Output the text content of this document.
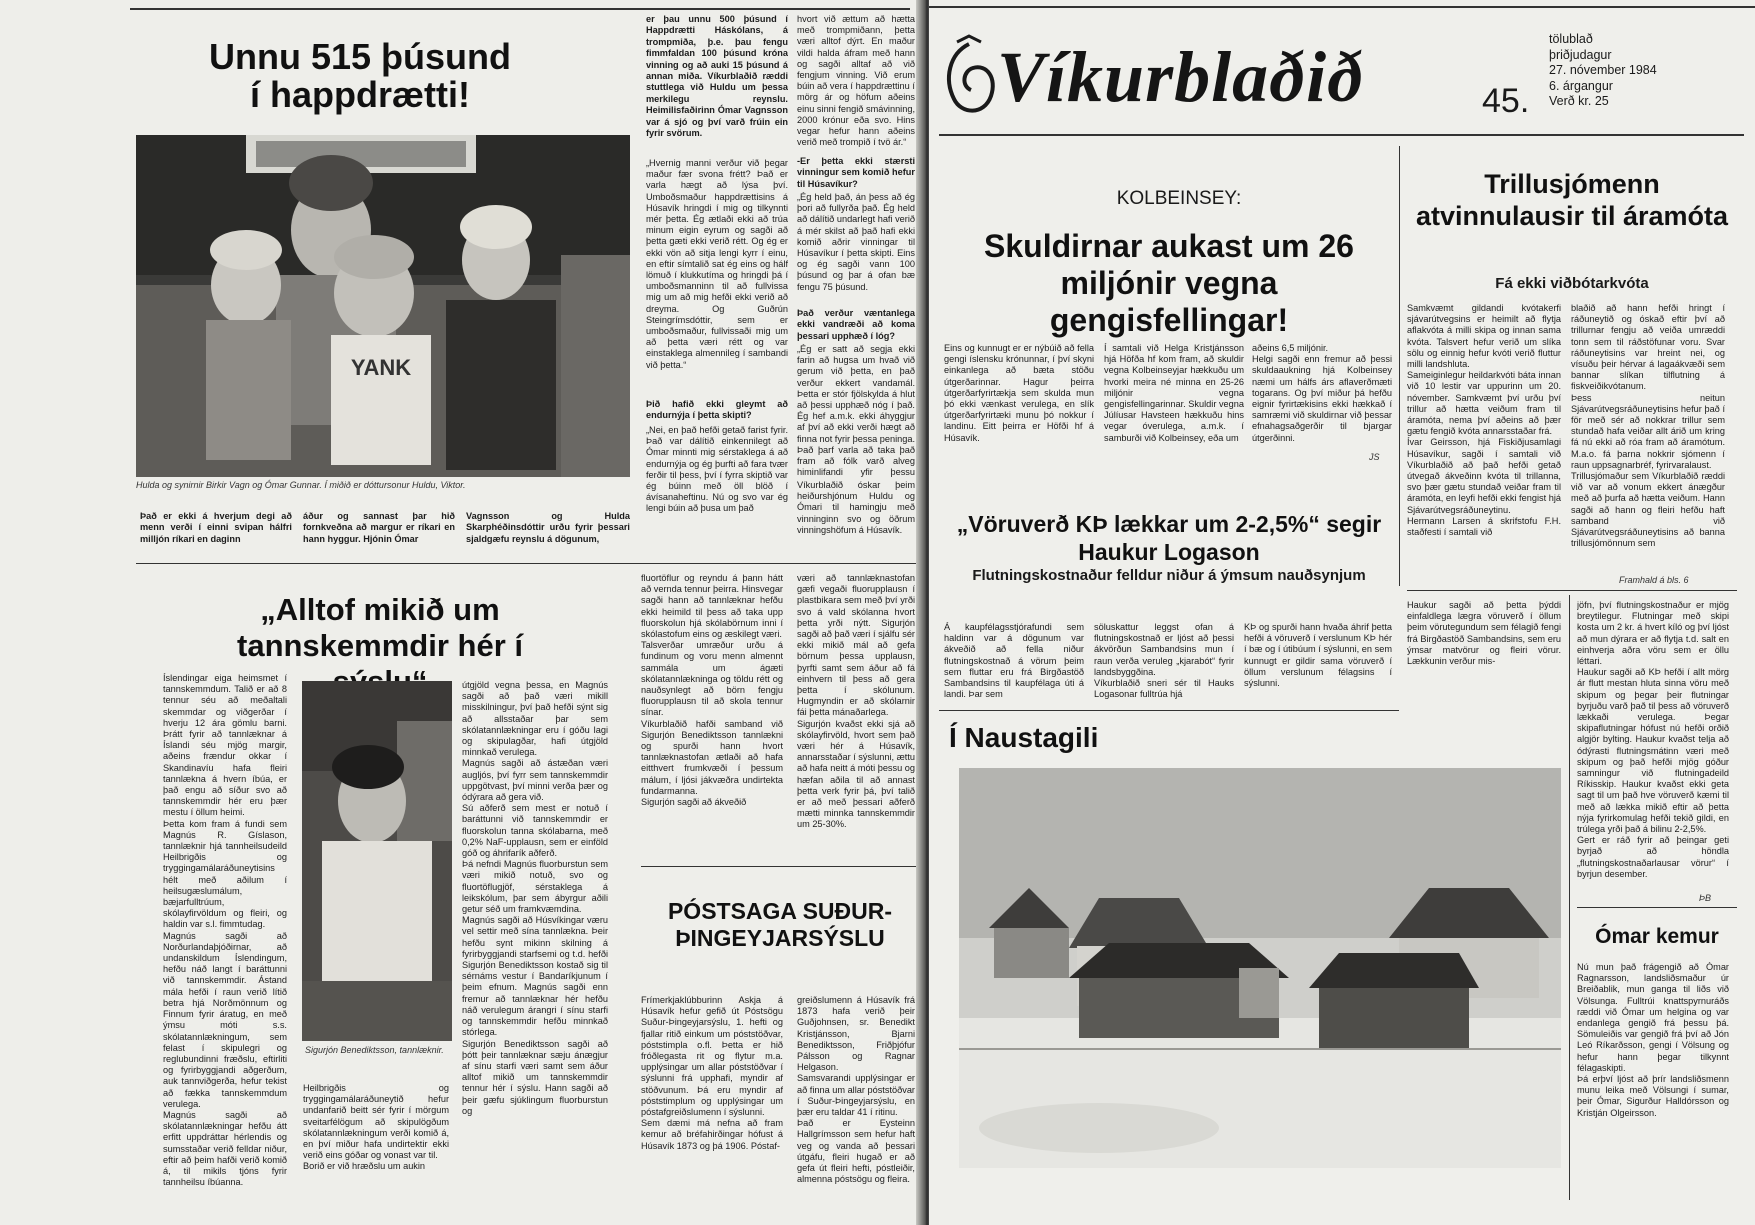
Unnu 515 þúsund
í happdrætti!
YANK
Hulda og synirnir Birkir Vagn og Ómar Gunnar. Í miðið er dóttursonur Huldu, Viktor.
Það er ekki á hverjum degi að menn verði í einni svipan hálfri milljón ríkari en daginn
áður og sannast þar hið fornkveðna að margur er ríkari en hann hyggur. Hjónin Ómar
Vagnsson og Hulda Skarphéðinsdóttir urðu fyrir þessari sjaldgæfu reynslu á dögunum,
er þau unnu 500 þúsund í Happdrætti Háskólans, á trompmiða, þ.e. þau fengu fimmfaldan 100 þúsund króna vinning og að auki 15 þúsund á annan miða. Víkurblaðið ræddi stuttlega við Huldu um þessa merkilegu reynslu. Heimilisfaðirinn Ómar Vagnsson var á sjó og því varð frúin ein fyrir svörum.
„Hvernig manni verður við þegar maður fær svona frétt? Það er varla hægt að lýsa því. Umboðsmaður happdrættisins á Húsavík hringdi í mig og tilkynnti mér þetta. Ég ætlaði ekki að trúa minum eigin eyrum og sagði að þetta gæti ekki verið rétt. Og ég er ekki vön að sitja lengi kyrr í einu, en eftir símtalið sat ég eins og hálf lömuð í klukkutíma og hringdi þá í umboðsmanninn til að fullvissa mig um að mig hefði ekki verið að dreyma. Og Guðrún Steingrímsdóttir, sem er umboðsmaður, fullvissaði mig um að þetta væri rétt og var einstaklega almennileg í sambandi við þetta.“
Þið hafið ekki gleymt að endurnýja í þetta skipti?
„Nei, en það hefði getað farist fyrir. Það var dálítið einkennilegt að Ómar minnti mig sérstaklega á að endurnýja og ég þurfti að fara tvær ferðir til þess, því í fyrra skiptið var ég búinn með öll blöð í ávísanaheftinu. Nú og svo var ég lengi búin að þusa um það
hvort við ættum að hætta með trompmiðann, þetta væri alltof dýrt. En maður vildi halda áfram með hann og sagði alltaf að við fengjum vinning. Við erum búin að vera í happdrættinu í mörg ár og höfum aðeins einu sinni fengið smávinning, 2000 krónur eða svo. Hins vegar hefur hann aðeins verið með trompið í tvö ár.“
-Er þetta ekki stærsti vinningur sem komið hefur til Húsavíkur?
„Ég held það, án þess að ég þori að fullyrða það. Ég held að dálítið undarlegt hafi verið á mér skilst að það hafi ekki komið aðrir vinningar til Húsavíkur í þetta skipti. Eins og ég sagði vann 100 þúsund og þar á ofan bæ fengu 75 þúsund.
Það verður væntanlega ekki vandræði að koma þessari upphæð í lóg?
„Ég er satt að segja ekki farin að hugsa um hvað við gerum við þetta, en það verður ekkert vandamál. Þetta er stór fjölskylda á hlut að þessi upphæð nóg í það. Ég hef a.m.k. ekki áhyggjur af því að ekki verði hægt að finna not fyrir þessa peninga. Það þarf varla að taka það fram að fólk varð alveg himinlifandi yfir þessu
Víkurblaðið óskar þeim heiðurshjónum Huldu og Ómari til hamingju með vinninginn svo og öðrum vinningshöfum á Húsavík.
„Alltof mikið um tannskemmdir hér í
Íslendingar eiga heimsmet í tannskemmdum. Talið er að 8 tennur séu að meðaltali skemmdar og viðgerðar í hverju 12 ára gömlu barni. Þrátt fyrir að tannlæknar á Íslandi séu mjög margir, aðeins frændur okkar í Skandinavíu hafa fleiri tannlækna á hvern íbúa, er það engu að síður svo að tannskemmdir hér eru þær mestu í öllum heimi.
Þetta kom fram á fundi sem Magnús R. Gíslason, tannlæknir hjá tannheilsudeild Heilbrigðis og tryggingamálaráðuneytisins hélt með aðilum í heilsugæslumálum, bæjarfulltrúum, skólayfirvöldum og fleiri, og haldin var s.l. fimmtudag.
Magnús sagði að Norðurlandaþjóðirnar, að undanskildum Íslendingum, hefðu náð langt í baráttunni við tannskemmdir. Ástand mála hefði í raun verið lítið betra hjá Norðmönnum og Finnum fyrir áratug, en með ýmsu móti s.s. skólatannlækningum, sem felast í skipulegri og reglubundinni fræðslu, eftirliti og fyrirbyggjandi aðgerðum, auk tannviðgerða, hefur tekist að fækka tannskemmdum verulega.
Magnús sagði að skólatannlækningar hefðu átt erfitt uppdráttar hérlendis og sumsstaðar verið felldar niður, eftir að þeim hafði verið komið á, til mikils tjóns fyrir tannheilsu íbúanna.
Sigurjón Benediktsson, tannlæknir.
Heilbrigðis og tryggingamálaráðuneytið hefur undanfarið beitt sér fyrir í mörgum sveitarfélögum að skipulögðum skólatannlækningum verði komið á, en því miður hafa undirtektir ekki verið eins góðar og vonast var til.
Borið er við hræðslu um aukin
útgjöld vegna þessa, en Magnús sagði að það væri mikill misskilningur, því það hefði sýnt sig að allsstaðar þar sem skólatannlækningar eru í góðu lagi og skipulagðar, hafi útgjöld minnkað verulega.
Magnús sagði að ástæðan væri augljós, því fyrr sem tannskemmdir uppgötvast, því minni verða þær og ódýrara að gera við.
Sú aðferð sem mest er notuð í baráttunni við tannskemmdir er fluorskolun tanna skólabarna, með 0,2% NaF-upplausn, sem er einföld góð og áhrifarík aðferð.
Þá nefndi Magnús fluorburstun sem væri mikið notuð, svo og fluortöflugjöf, sérstaklega á leikskólum, þar sem ábyrgur aðili getur séð um framkvæmdina.
Magnús sagði að Húsvíkingar væru vel settir með sína tannlækna. Þeir hefðu synt mikinn skilning á fyrirbyggjandi starfsemi og t.d. hefði Sigurjón Benediktsson kostað sig til sérnáms vestur í Bandaríkjunum í þeim efnum. Magnús sagði enn fremur að tannlæknar hér hefðu náð verulegum árangri í sínu starfi og tannskemmdir hefðu minnkað stórlega.
Sigurjón Benediktsson sagði að þótt þeir tannlæknar sæju ánægjur af sínu starfi væri samt sem áður alltof mikið um tannskemmdir tennur hér í sýslu. Hann sagði að þeir gæfu sjúklingum fluorburstun og
fluortöflur og reyndu á þann hátt að vernda tennur þeirra. Hinsvegar sagði hann að tannlæknar hefðu ekki heimild til þess að taka upp fluorskolun hjá skólabörnum inni í skólastofum eins og æskilegt væri.
Talsverðar umræður urðu á fundinum og voru menn almennt sammála um ágæti skólatannlækninga og töldu rétt og nauðsynlegt að börn fengju fluorupplausn til að skola tennur sínar.
Víkurblaðið hafði samband við Sigurjón Benediktsson tannlækni og spurði hann hvort tannlæknastofan ætlaði að hafa eitthvert frumkvæði í þessum málum, í ljósi jákvæðra undirtekta fundarmanna.
Sigurjón sagði að ákveðið
væri að tannlæknastofan gæfi vegaði fluorupplausn í plastbikara sem með því yrði svo á vald skólanna hvort þetta yrði nýtt. Sigurjón sagði að það væri í sjálfu sér ekki mikið mál að gefa börnum þessa upplausn, þyrfti samt sem áður að fá einhvern til þess að gera þetta í skólunum. Hugmyndin er að skólarnir fái þetta mánaðarlega.
Sigurjón kvaðst ekki sjá að skólayfirvöld, hvort sem það væri hér á Húsavík, annarsstaðar í sýslunni, ættu að hafa neitt á móti þessu og hæfan aðila til að annast þetta verk fyrir þá, því talið er að með þessari aðferð mætti minnka tannskemmdir um 25-30%.
PÓSTSAGA SUÐUR-ÞINGEYJARSÝSLU
Frímerkjaklúbburinn Askja á Húsavík hefur gefið út Póstsögu Suður-Þingeyjarsýslu, 1. hefti og fjallar ritið einkum um póststöðvar, póststimpla o.fl. Þetta er hið fróðlegasta rit og flytur m.a. upplýsingar um allar póststöðvar í sýslunni frá upphafi, myndir af stöðvunum. Þá eru myndir af póststimplum og upplýsingar um póstafgreiðslumenn í sýslunni.
Sem dæmi má nefna að fram kemur að bréfahirðingar hófust á Húsavík 1873 og þá 1906. Póstaf-
greiðslumenn á Húsavík frá 1873 hafa verið þeir Guðjohnsen, sr. Benedikt Kristjánsson, Bjarni Benediktsson, Friðþjófur Pálsson og Ragnar Helgason.
Samsvarandi upplýsingar er að finna um allar póststöðvar í Suður-Þingeyjarsýslu, en þær eru taldar 41 í ritinu.
Það er Eysteinn Hallgrímsson sem hefur haft veg og vanda að þessari útgáfu, fleiri hugað er að gefa út fleiri hefti, póstleiðir, almenna póstsögu og fleira.
Víkurblaðið	45.
tölublað
þriðjudagur
27. nóvember 1984
6. árgangur
Verð kr. 25
KOLBEINSEY:
Skuldirnar aukast um 26 miljónir vegna gengisfellingar!
Eins og kunnugt er er nýbúið að fella gengi íslensku krónunnar, í því skyni einkanlega að bæta stöðu útgerðarinnar. Hagur þeirra útgerðarfyrirtækja sem skulda mun þó ekki vænkast verulega, en slík útgerðarfyrirtæki munu þó nokkur í landinu. Eitt þeirra er Höfði hf á Húsavík.
Í samtali við Helga Kristjánsson hjá Höfða hf kom fram, að skuldir vegna Kolbeinseyjar hækkuðu um hvorki meira né minna en 25-26 miljónir vegna gengisfellingarinnar. Skuldir vegna Júlíusar Havsteen hækkuðu hins vegar óverulega, a.m.k. í samburði við Kolbeinsey, eða um
aðeins 6,5 miljónir.
Helgi sagði enn fremur að þessi skuldaaukning hjá Kolbeinsey næmi um hálfs árs aflaverðmæti togarans. Og því miður þá hefðu eignir fyrirtækisins ekki hækkað í samræmi við skuldirnar við þessar efnahagsaðgerðir til bjargar útgerðinni.
JS
Trillusjómenn atvinnulausir til áramóta
Fá ekki viðbótarkvóta
Samkvæmt gildandi kvótakerfi sjávarútvegsins er heimilt að flytja aflakvóta á milli skipa og innan sama kvóta. Talsvert hefur verið um slíka sölu og einnig hefur kvóti verið fluttur milli landshluta.
Sameiginlegur heildarkvóti báta innan við 10 lestir var uppurinn um 20. nóvember. Samkvæmt því urðu því trillur að hætta veiðum fram til áramóta, nema því aðeins að þær gætu fengið kvóta annarsstaðar frá.
Ívar Geirsson, hjá Fiskiðjusamlagi Húsavíkur, sagði í samtali við Víkurblaðið að það hefði getað útvegað ákveðinn kvóta til trillanna, svo þær gætu stundað veiðar fram til áramóta, en leyfi hefði ekki fengist hjá Sjávarútvegsráðuneytinu.
Hermann Larsen á skrifstofu F.H. staðfesti í samtali við
blaðið að hann hefði hringt í ráðuneytið og óskað eftir því að trillurnar fengju að veiða umræddi tonn sem til ráðstöfunar voru. Svar ráðuneytisins var hreint nei, og vísuðu þeir hérvar á lagaákvæði sem bannar slíkan tilflutning á fiskveiðikvótanum.
Þess neitun Sjávarútvegsráðuneytisins hefur það í för með sér að nokkrar trillur sem stundað hafa veiðar allt árið um kring fá nú ekki að róa fram að áramótum. M.a.o. fá þarna nokkrir sjómenn í raun uppsagnarbréf, fyrirvaralaust.
Trillusjómaður sem Víkurblaðið ræddi við var að vonum ekkert ánægður með að þurfa að hætta veiðum. Hann sagði að hann og fleiri hefðu haft samband við Sjávarútvegsráðuneytisins að banna trillusjómönnum sem
Framhald á bls. 6
„Vöruverð KÞ lækkar um 2-2,5%“ segir Haukur Logason
Flutningskostnaður felldur niður á ýmsum nauðsynjum
Á kaupfélagsstjórafundi sem haldinn var á dögunum var ákveðið að fella niður flutningskostnað á vörum þeim sem fluttar eru frá Birgðastöð Sambandsins til kaupfélaga úti á landi. Þar sem
söluskattur leggst ofan á flutningskostnað er ljóst að þessi ákvörðun Sambandsins mun í raun verða veruleg „kjarabót“ fyrir landsbyggðina.
Víkurblaðið sneri sér til Hauks Logasonar fulltrúa hjá
KÞ og spurði hann hvaða áhrif þetta hefði á vöruverð í verslunum KÞ hér í bæ og í útibúum í sýslunni, en sem kunnugt er gildir sama vöruverð í öllum verslunum félagsins í sýslunni.
Í Naustagili
Haukur sagði að þetta þýddi einfaldlega lægra vöruverð í öllum þeim vörutegundum sem félagið fengi frá Birgðastöð Sambandsins, sem eru ýmsar matvörur og fleiri vörur. Lækkunin verður mis-
jöfn, því flutningskostnaður er mjög breytilegur. Flutningar með skipi kosta um 2 kr. á hvert kíló og því ljóst að mun dýrara er að flytja t.d. salt en einhverja aðra vöru sem er öllu léttari.
Haukur sagði að KÞ hefði í allt mörg ár flutt mestan hluta sinna vöru með skipum og þegar þeir flutningar byrjuðu varð það til þess að vöruverð lækkaði verulega. Þegar skipaflutningar hófust nú hefði orðið algjör bylting. Haukur kvaðst telja að ódýrasti flutningsmátinn væri með skipum og það hefði mjög góður samningur við flutningadeild Ríkisskip. Haukur kvaðst ekki geta sagt til um það hve vöruverð kæmi til með að lækka mikið eftir að þetta nýja fyrirkomulag hefði tekið gildi, en trúlega yrði það á bilinu 2-2,5%.
Gert er ráð fyrir að þeingar geti byrjað að höndla „flutningskostnaðarlausar vörur“ í byrjun desember.
ÞB
Ómar kemur
Nú mun það frágengið að Ómar Ragnarsson, landsliðsmaður úr Breiðablik, mun ganga til liðs við Völsunga. Fulltrúi knattspyrnuráðs ræddi við Ómar um helgina og var endanlega gengið frá þessu þá. Sömuleiðis var gengið frá því að Jón Leó Ríkarðsson, gengi í Völsung og hefur hann þegar tilkynnt félagaskipti.
Þá erþví ljóst að þrír landsliðsmenn munu leika með Völsungi í sumar, þeir Ómar, Sigurður Halldórsson og Kristján Olgeirsson.
